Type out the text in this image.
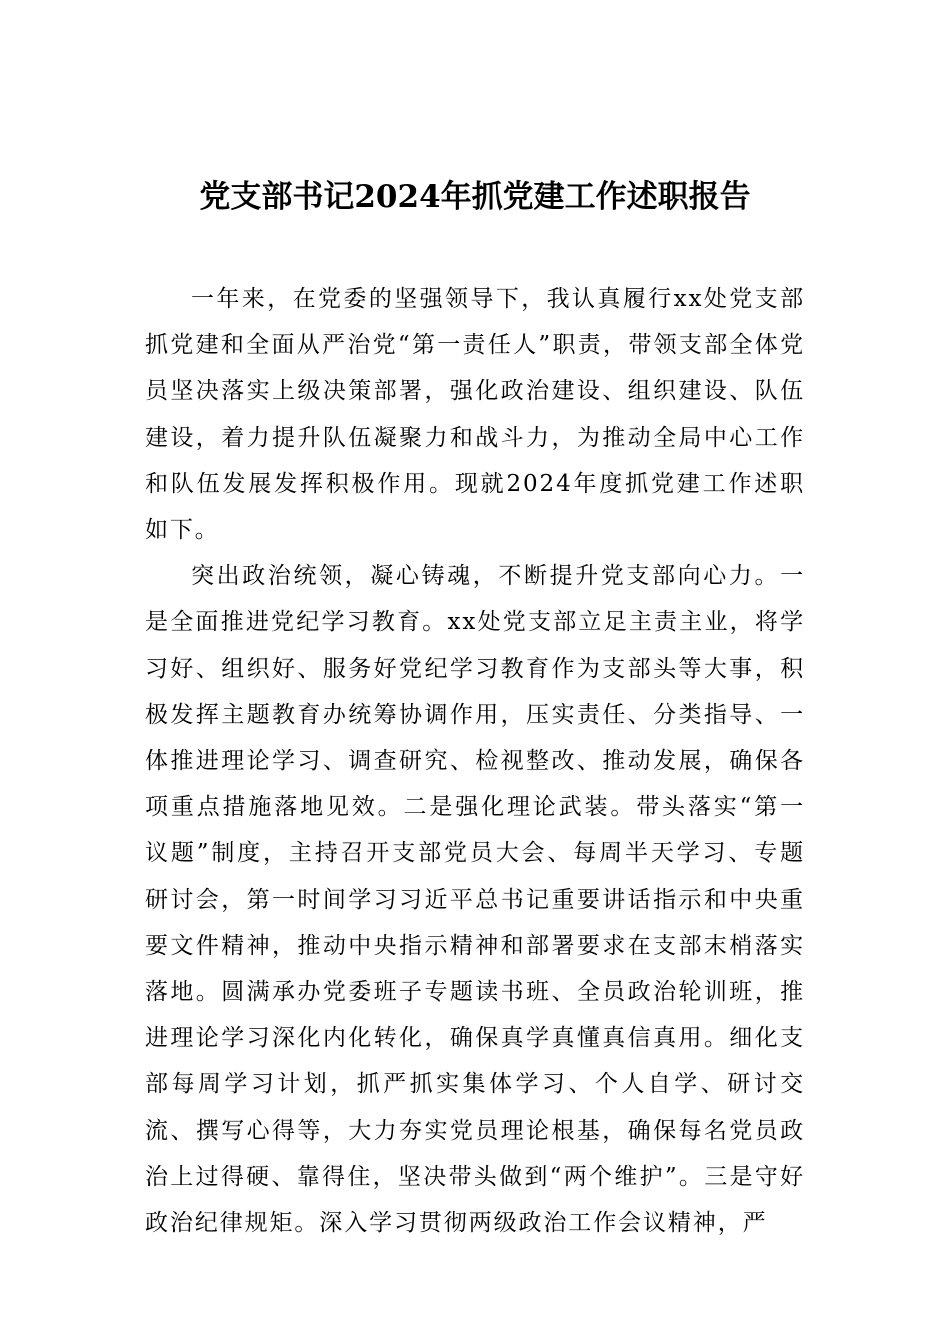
党支部书记2024年抓党建工作述职报告

一年来，在党委的坚强领导下，我认真履行xx处党支部抓党建和全面从严治党“第一责任人”职责，带领支部全体党员坚决落实上级决策部署，强化政治建设、组织建设、队伍建设，着力提升队伍凝聚力和战斗力，为推动全局中心工作和队伍发展发挥积极作用。现就2024年度抓党建工作述职如下。

突出政治统领，凝心铸魂，不断提升党支部向心力。一是全面推进党纪学习教育。xx处党支部立足主责主业，将学习好、组织好、服务好党纪学习教育作为支部头等大事，积极发挥主题教育办统筹协调作用，压实责任、分类指导、一体推进理论学习、调查研究、检视整改、推动发展，确保各项重点措施落地见效。二是强化理论武装。带头落实“第一议题”制度，主持召开支部党员大会、每周半天学习、专题研讨会，第一时间学习习近平总书记重要讲话指示和中央重要文件精神，推动中央指示精神和部署要求在支部末梢落实落地。圆满承办党委班子专题读书班、全员政治轮训班，推进理论学习深化内化转化，确保真学真懂真信真用。细化支部每周学习计划，抓严抓实集体学习、个人自学、研讨交流、撰写心得等，大力夯实党员理论根基，确保每名党员政治上过得硬、靠得住，坚决带头做到“两个维护”。三是守好政治纪律规矩。深入学习贯彻两级政治工作会议精神，严
